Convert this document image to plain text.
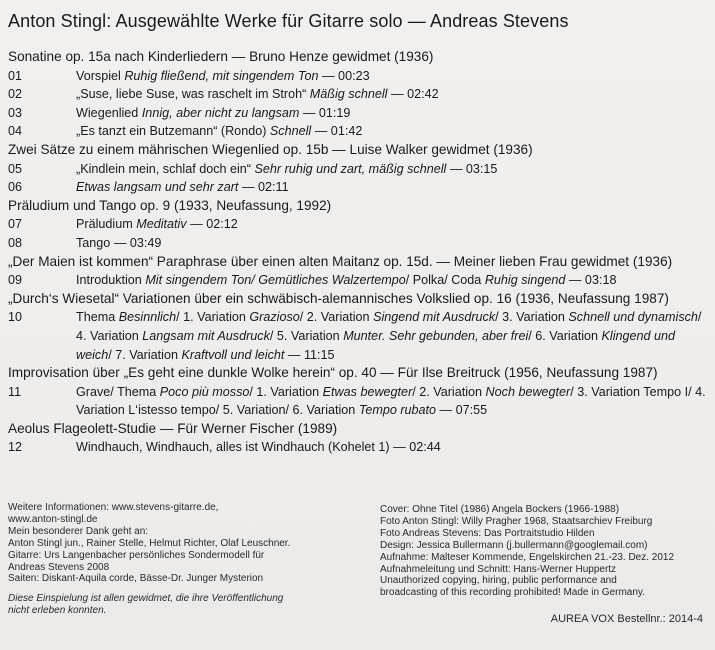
Anton Stingl: Ausgewählte Werke für Gitarre solo — Andreas Stevens
Sonatine op. 15a nach Kinderliedern — Bruno Henze gewidmet (1936)
01	Vorspiel Ruhig fließend, mit singendem Ton — 00:23
02	„Suse, liebe Suse, was raschelt im Stroh“ Mäßig schnell — 02:42
03	Wiegenlied Innig, aber nicht zu langsam — 01:19
04	„Es tanzt ein Butzemann“ (Rondo) Schnell — 01:42
Zwei Sätze zu einem mährischen Wiegenlied op. 15b — Luise Walker gewidmet (1936)
05	„Kindlein mein, schlaf doch ein“ Sehr ruhig und zart, mäßig schnell — 03:15
06	Etwas langsam und sehr zart — 02:11
Präludium und Tango op. 9 (1933, Neufassung, 1992)
07	Präludium Meditativ — 02:12
08	Tango — 03:49
„Der Maien ist kommen“ Paraphrase über einen alten Maitanz op. 15d. — Meiner lieben Frau gewidmet (1936)
09	Introduktion Mit singendem Ton/ Gemütliches Walzertempo/ Polka/ Coda Ruhig singend — 03:18
„Durch‘s Wiesetal“ Variationen über ein schwäbisch-alemannisches Volkslied op. 16 (1936, Neufassung 1987)
10	Thema Besinnlich/ 1. Variation Grazioso/ 2. Variation Singend mit Ausdruck/ 3. Variation Schnell und dynamisch/ 4. Variation Langsam mit Ausdruck/ 5. Variation Munter. Sehr gebunden, aber frei/ 6. Variation Klingend und weich/ 7. Variation Kraftvoll und leicht — 11:15
Improvisation über „Es geht eine dunkle Wolke herein“ op. 40 — Für Ilse Breitruck (1956, Neufassung 1987)
11	Grave/ Thema Poco più mosso/ 1. Variation Etwas bewegter/ 2. Variation Noch bewegter/ 3. Variation Tempo I/ 4. Variation L‘istesso tempo/ 5. Variation/ 6. Variation Tempo rubato — 07:55
Aeolus Flageolett-Studie — Für Werner Fischer (1989)
12	Windhauch, Windhauch, alles ist Windhauch (Kohelet 1) — 02:44
Weitere Informationen: www.stevens-gitarre.de,
www.anton-stingl.de
Mein besonderer Dank geht an:
Anton Stingl jun., Rainer Stelle, Helmut Richter, Olaf Leuschner.
Gitarre: Urs Langenbacher persönliches Sondermodell für
Andreas Stevens 2008
Saiten: Diskant-Aquila corde, Bässe-Dr. Junger Mysterion
Diese Einspielung ist allen gewidmet, die ihre Veröffentlichung
nicht erleben konnten.
Cover: Ohne Titel (1986) Angela Bockers (1966-1988)
Foto Anton Stingl: Willy Pragher 1968, Staatsarchiev Freiburg
Foto Andreas Stevens: Das Portraitstudio Hilden
Design: Jessica Bullermann (j.bullermann@googlemail.com)
Aufnahme: Malteser Kommende, Engelskirchen 21.-23. Dez. 2012
Aufnahmeleitung und Schnitt: Hans-Werner Huppertz
Unauthorized copying, hiring, public performance and
broadcasting of this recording prohibited! Made in Germany.
AUREA VOX Bestellnr.: 2014-4
